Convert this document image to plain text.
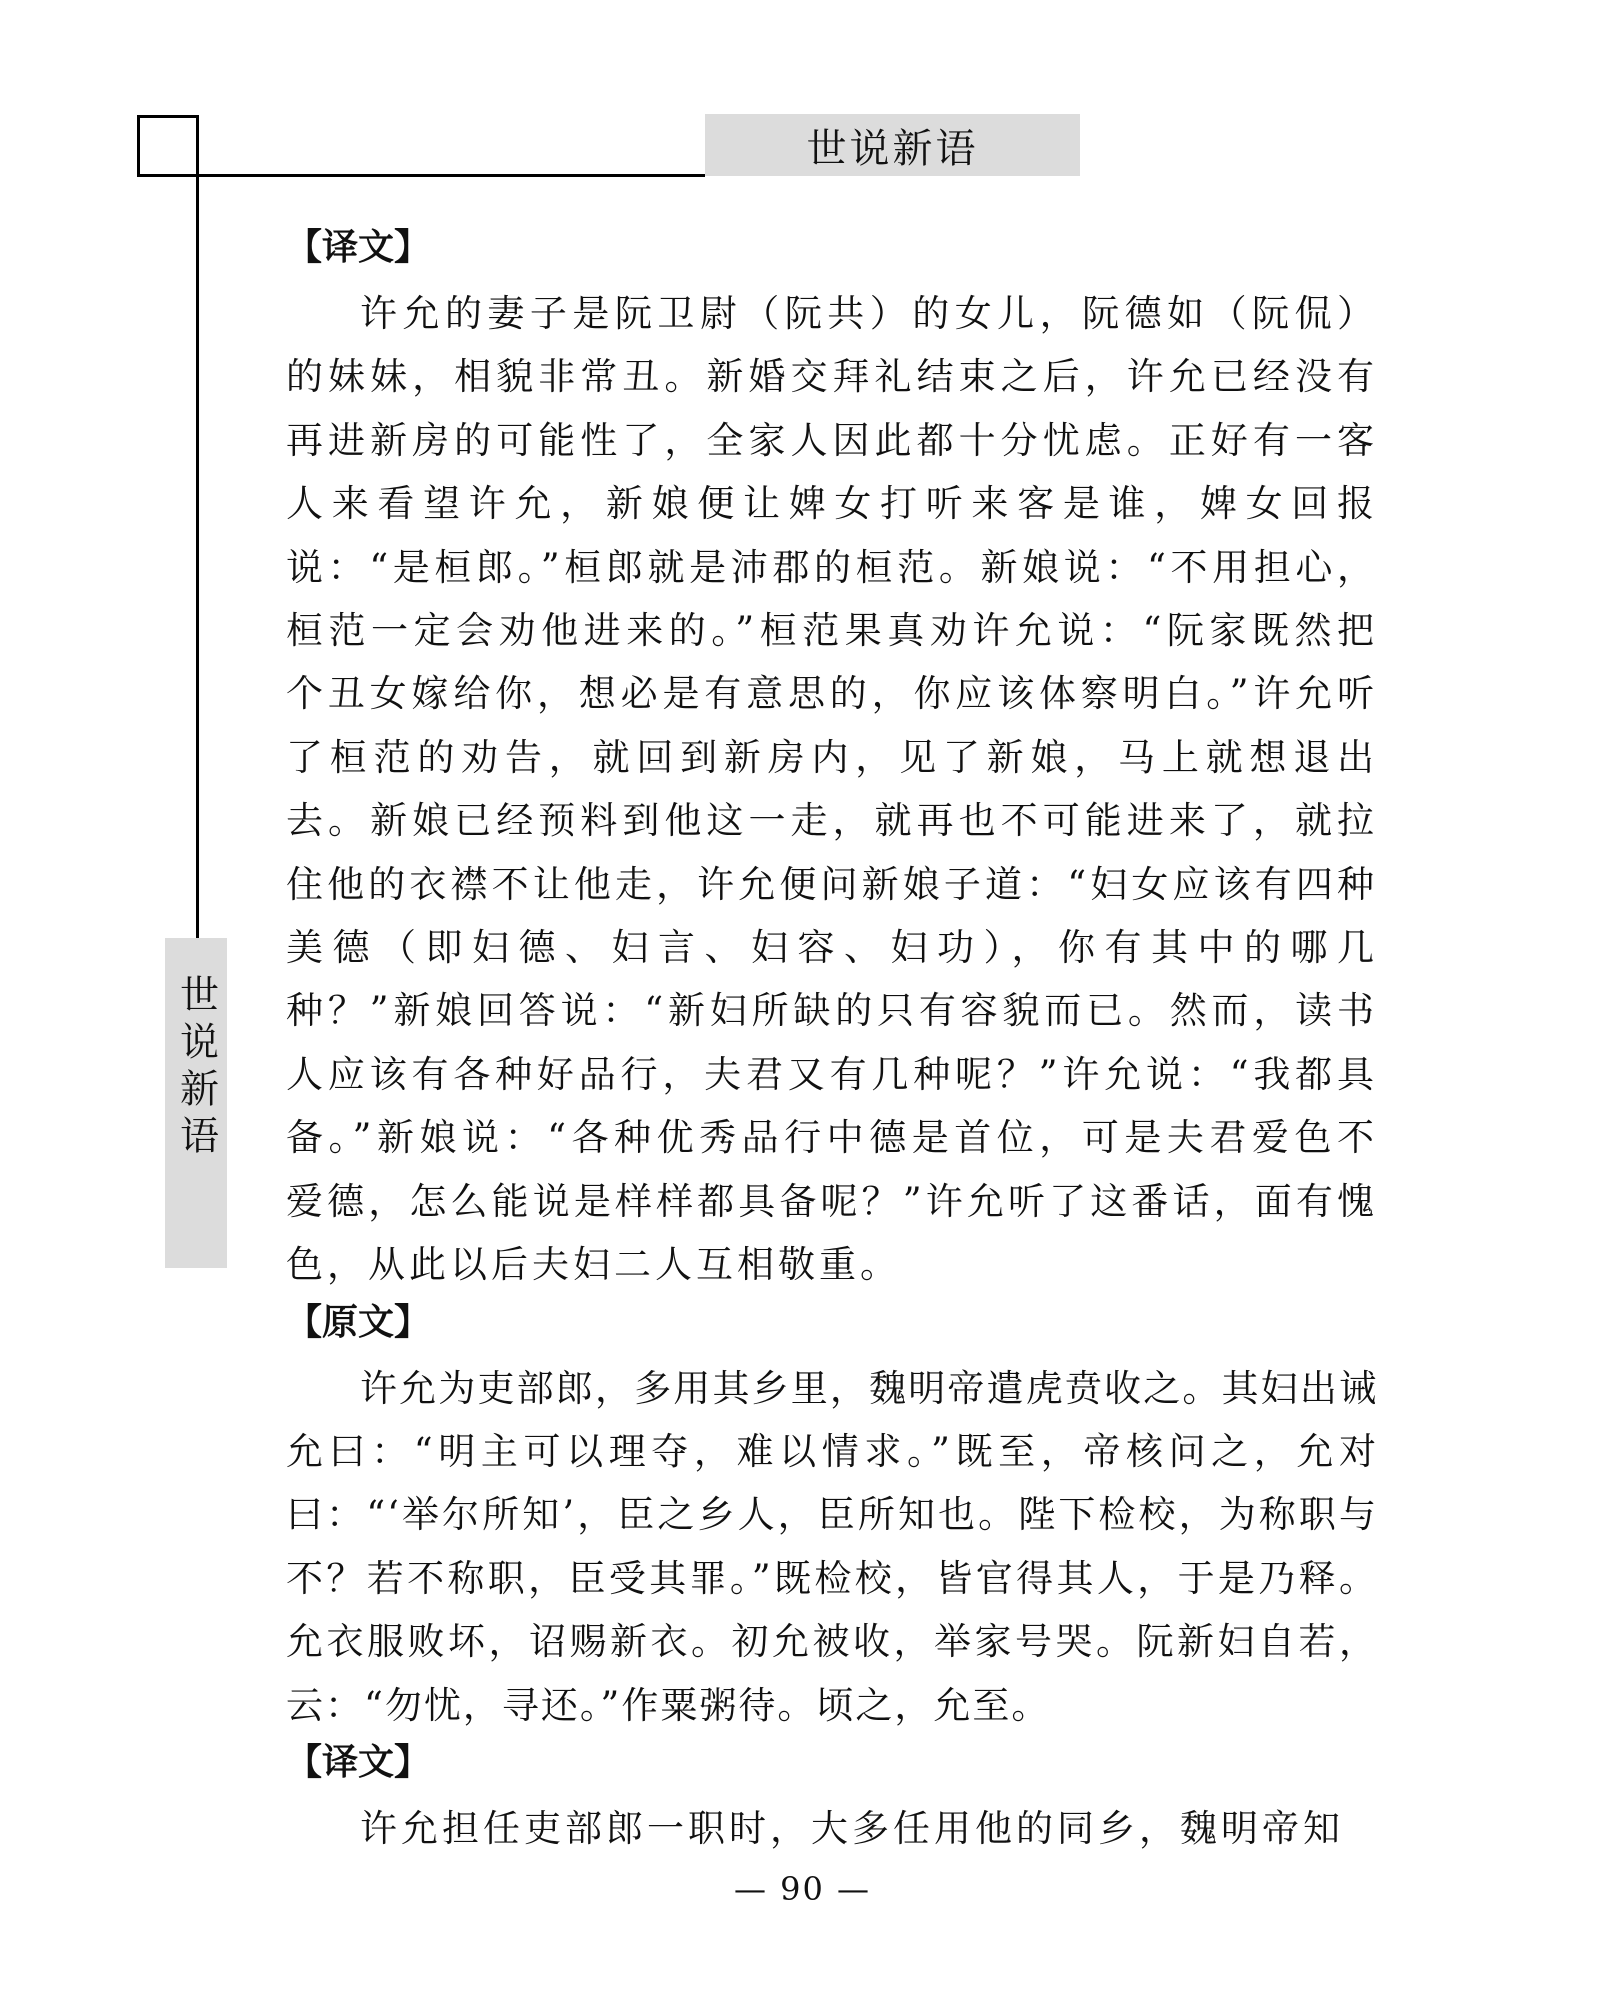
世说新语
世说新语
【译文】

许允的妻子是阮卫尉（阮共）的女儿，阮德如（阮侃）的妹妹，相貌非常丑。新婚交拜礼结束之后，许允已经没有再进新房的可能性了，全家人因此都十分忧虑。正好有一客人来看望许允，新娘便让婢女打听来客是谁，婢女回报说：“是桓郎。”桓郎就是沛郡的桓范。新娘说：“不用担心，桓范一定会劝他进来的。”桓范果真劝许允说：“阮家既然把个丑女嫁给你，想必是有意思的，你应该体察明白。”许允听了桓范的劝告，就回到新房内，见了新娘，马上就想退出去。新娘已经预料到他这一走，就再也不可能进来了，就拉住他的衣襟不让他走，许允便问新娘子道：“妇女应该有四种美德（即妇德、妇言、妇容、妇功），你有其中的哪几种？”新娘回答说：“新妇所缺的只有容貌而已。然而，读书人应该有各种好品行，夫君又有几种呢？”许允说：“我都具备。”新娘说：“各种优秀品行中德是首位，可是夫君爱色不爱德，怎么能说是样样都具备呢？”许允听了这番话，面有愧色，从此以后夫妇二人互相敬重。

【原文】

许允为吏部郎，多用其乡里，魏明帝遣虎贲收之。其妇出诫允曰：“明主可以理夺，难以情求。”既至，帝核问之，允对曰：“‘举尔所知’，臣之乡人，臣所知也。陛下检校，为称职与不？若不称职，臣受其罪。”既检校，皆官得其人，于是乃释。允衣服败坏，诏赐新衣。初允被收，举家号哭。阮新妇自若，云：“勿忧，寻还。”作粟粥待。顷之，允至。

【译文】

许允担任吏部郎一职时，大多任用他的同乡，魏明帝知

— 90 —
